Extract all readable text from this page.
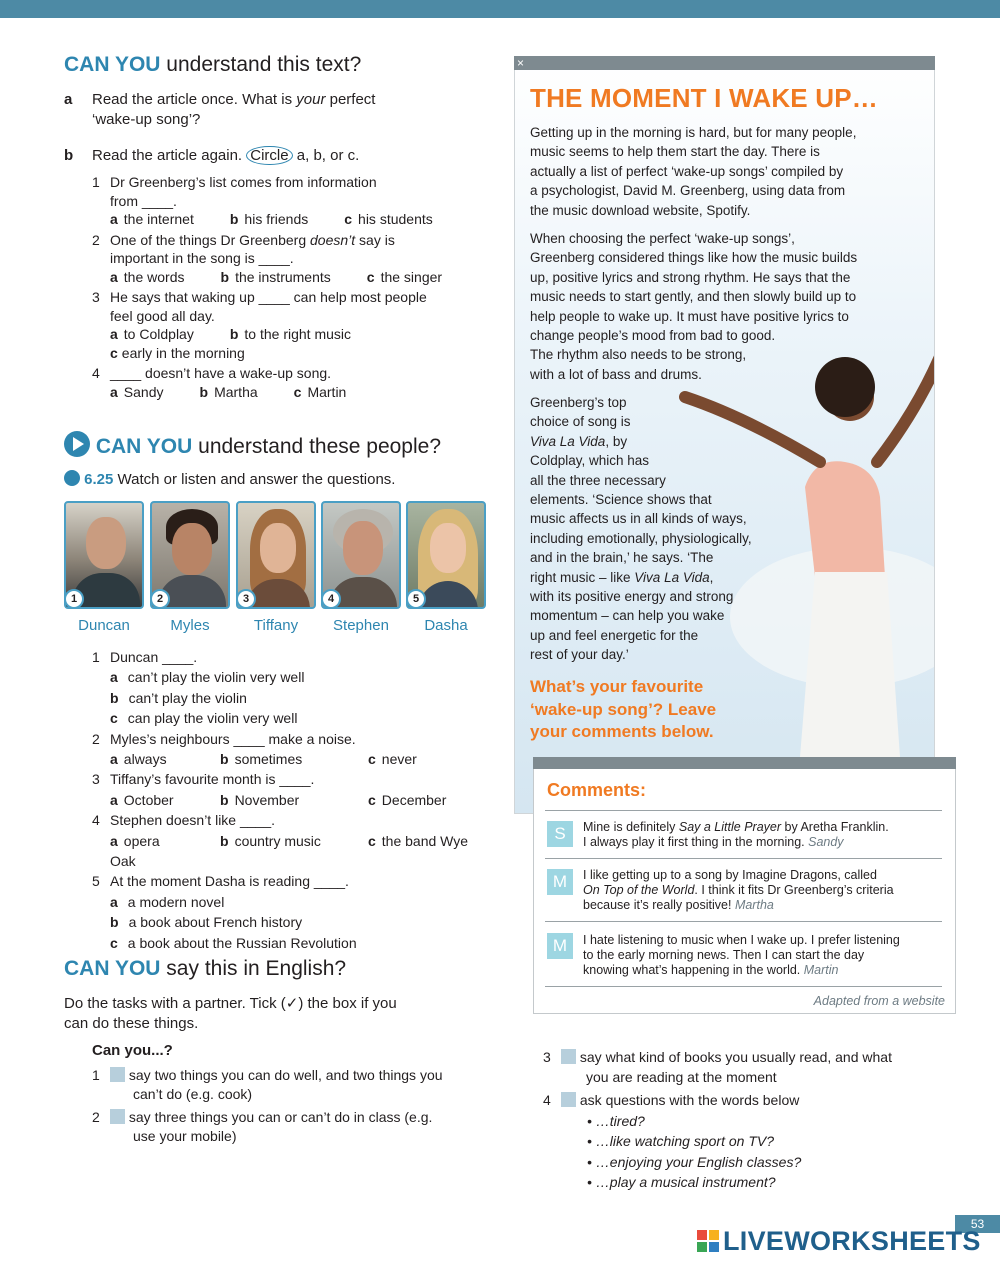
CAN YOU understand this text?
a Read the article once. What is your perfect
‘wake-up song’?
b Read the article again. Circle a, b, or c.
1 Dr Greenberg’s list comes from information
from ____.
a the internet	b his friends	c his students
2 One of the things Dr Greenberg doesn’t say is
important in the song is ____.
a the words	b the instruments	c the singer
3 He says that waking up ____ can help most people
feel good all day.
a to Coldplay	b to the right music
c early in the morning
4 ____ doesn’t have a wake-up song.
a Sandy	b Martha	c Martin
CAN YOU understand these people?
6.25 Watch or listen and answer the questions.
1	2	3	4	5
Duncan	Myles	Tiffany	Stephen	Dasha
1 Duncan ____.
a can’t play the violin very well
b can’t play the violin
c can play the violin very well
2 Myles’s neighbours ____ make a noise.
a always	b sometimes	c never
3 Tiffany’s favourite month is ____.
a October	b November	c December
4 Stephen doesn’t like ____.
a opera	b country music	c the band Wye Oak
5 At the moment Dasha is reading ____.
a a modern novel
b a book about French history
c a book about the Russian Revolution
CAN YOU say this in English?
Do the tasks with a partner. Tick (✓) the box if you
can do these things.
Can you...?
1 say two things you can do well, and two things you
can’t do (e.g. cook)
2 say three things you can or can’t do in class (e.g.
use your mobile)
×
THE MOMENT I WAKE UP…
Getting up in the morning is hard, but for many people,
music seems to help them start the day. There is
actually a list of perfect ‘wake-up songs’ compiled by
a psychologist, David M. Greenberg, using data from
the music download website, Spotify.
When choosing the perfect ‘wake-up songs’,
Greenberg considered things like how the music builds
up, positive lyrics and strong rhythm. He says that the
music needs to start gently, and then slowly build up to
help people to wake up. It must have positive lyrics to
change people’s mood from bad to good.
The rhythm also needs to be strong,
with a lot of bass and drums.
Greenberg’s top
choice of song is
Viva La Vida, by
Coldplay, which has
all the three necessary
elements. ‘Science shows that
music affects us in all kinds of ways,
including emotionally, physiologically,
and in the brain,’ he says. ‘The
right music – like Viva La Vida,
with its positive energy and strong
momentum – can help you wake
up and feel energetic for the
rest of your day.’
What’s your favourite
‘wake-up song’? Leave
your comments below.
Comments:
S	Mine is definitely Say a Little Prayer by Aretha Franklin.
I always play it first thing in the morning. Sandy
M	I like getting up to a song by Imagine Dragons, called
On Top of the World. I think it fits Dr Greenberg’s criteria
because it’s really positive! Martha
M	I hate listening to music when I wake up. I prefer listening
to the early morning news. Then I can start the day
knowing what’s happening in the world. Martin
Adapted from a website
3 say what kind of books you usually read, and what
you are reading at the moment
4 ask questions with the words below
• …tired?
• …like watching sport on TV?
• …enjoying your English classes?
• …play a musical instrument?
53
LIVEWORKSHEETS
